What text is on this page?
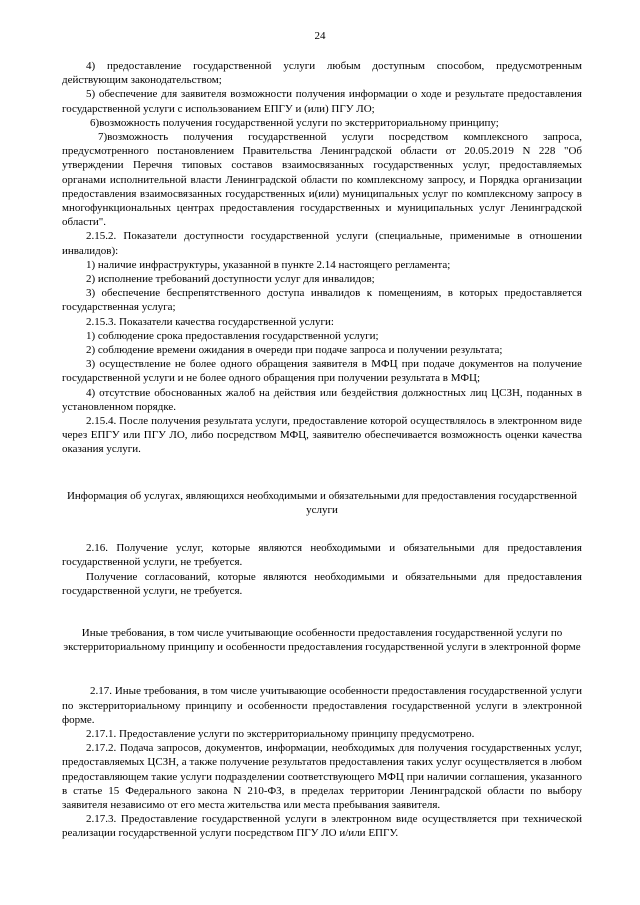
24

4) предоставление государственной услуги любым доступным способом, предусмотренным действующим законодательством;

5) обеспечение для заявителя возможности получения информации о ходе и результате предоставления государственной услуги с использованием ЕПГУ и (или) ПГУ ЛО;

6)возможность получения государственной услуги по экстерриториальному принципу;

7)возможность получения государственной услуги посредством комплексного запроса, предусмотренного постановлением Правительства Ленинградской области от 20.05.2019 N 228 "Об утверждении Перечня типовых составов взаимосвязанных государственных услуг, предоставляемых органами исполнительной власти Ленинградской области по комплексному запросу, и Порядка организации предоставления взаимосвязанных государственных и(или) муниципальных услуг по комплексному запросу в многофункциональных центрах предоставления государственных и муниципальных услуг Ленинградской области".

2.15.2. Показатели доступности государственной услуги (специальные, применимые в отношении инвалидов):

1) наличие инфраструктуры, указанной в пункте 2.14 настоящего регламента;

2) исполнение требований доступности услуг для инвалидов;

3) обеспечение беспрепятственного доступа инвалидов к помещениям, в которых предоставляется государственная услуга;

2.15.3. Показатели качества государственной услуги:

1) соблюдение срока предоставления государственной услуги;

2) соблюдение времени ожидания в очереди при подаче запроса и получении результата;

3) осуществление не более одного обращения заявителя в МФЦ при подаче документов на получение государственной услуги и не более одного обращения при получении результата в МФЦ;

4) отсутствие обоснованных жалоб на действия или бездействия должностных лиц ЦСЗН, поданных в установленном порядке.

2.15.4. После получения результата услуги, предоставление которой осуществлялось в электронном виде через ЕПГУ или ПГУ ЛО, либо посредством МФЦ, заявителю обеспечивается возможность оценки качества оказания услуги.

Информация об услугах, являющихся необходимыми и обязательными для предоставления государственной услуги

2.16. Получение услуг, которые являются необходимыми и обязательными для предоставления государственной услуги, не требуется.

Получение согласований, которые являются необходимыми и обязательными для предоставления государственной услуги, не требуется.

Иные требования, в том числе учитывающие особенности предоставления государственной услуги по экстерриториальному принципу и особенности предоставления государственной услуги в электронной форме

2.17. Иные требования, в том числе учитывающие особенности предоставления государственной услуги по экстерриториальному принципу и особенности предоставления государственной услуги в электронной форме.

2.17.1. Предоставление услуги по экстерриториальному принципу предусмотрено.

2.17.2. Подача запросов, документов, информации, необходимых для получения государственных услуг, предоставляемых ЦСЗН, а также получение результатов предоставления таких услуг осуществляется в любом предоставляющем такие услуги подразделении соответствующего МФЦ при наличии соглашения, указанного в статье 15 Федерального закона N 210-ФЗ, в пределах территории Ленинградской области по выбору заявителя независимо от его места жительства или места пребывания заявителя.

2.17.3. Предоставление государственной услуги в электронном виде осуществляется при технической реализации государственной услуги посредством ПГУ ЛО и/или ЕПГУ.
